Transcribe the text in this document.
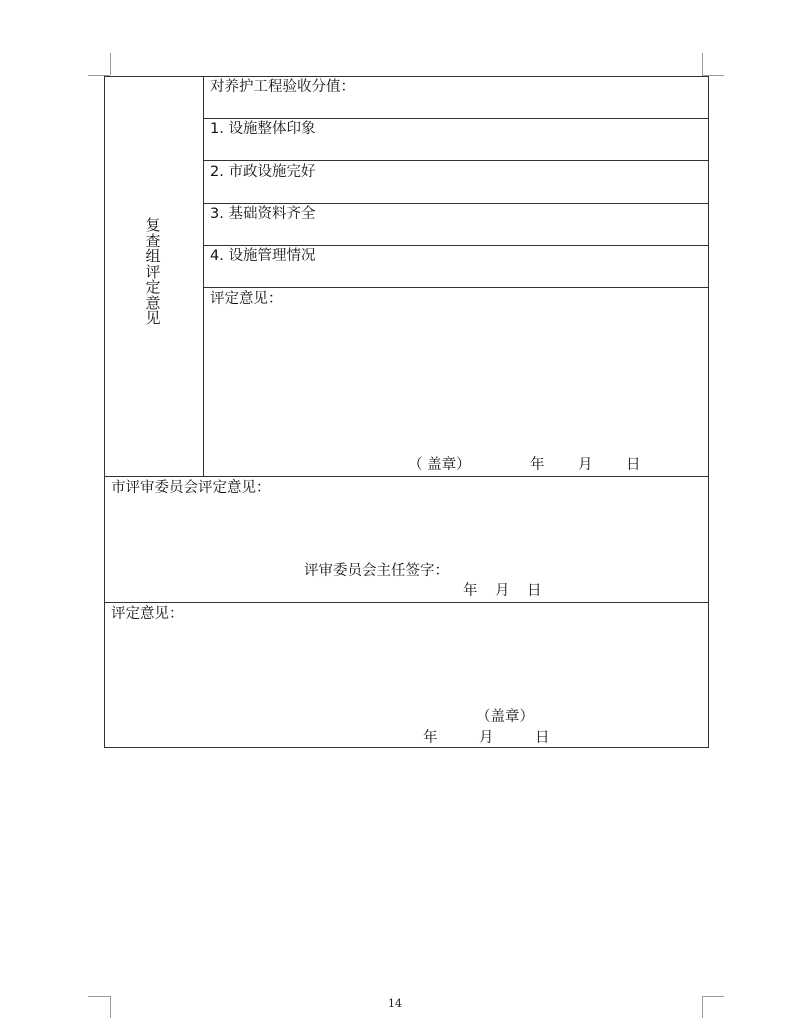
复
查
组
评
定
意
见
对养护工程验收分值：
1. 设施整体印象
2. 市政设施完好
3. 基础资料齐全
4. 设施管理情况
评定意见：
（ 盖章）	年 月 日
市评审委员会评定意见：
评审委员会主任签字：
年 月 日
评定意见：
（盖章）
年	月	日
14
